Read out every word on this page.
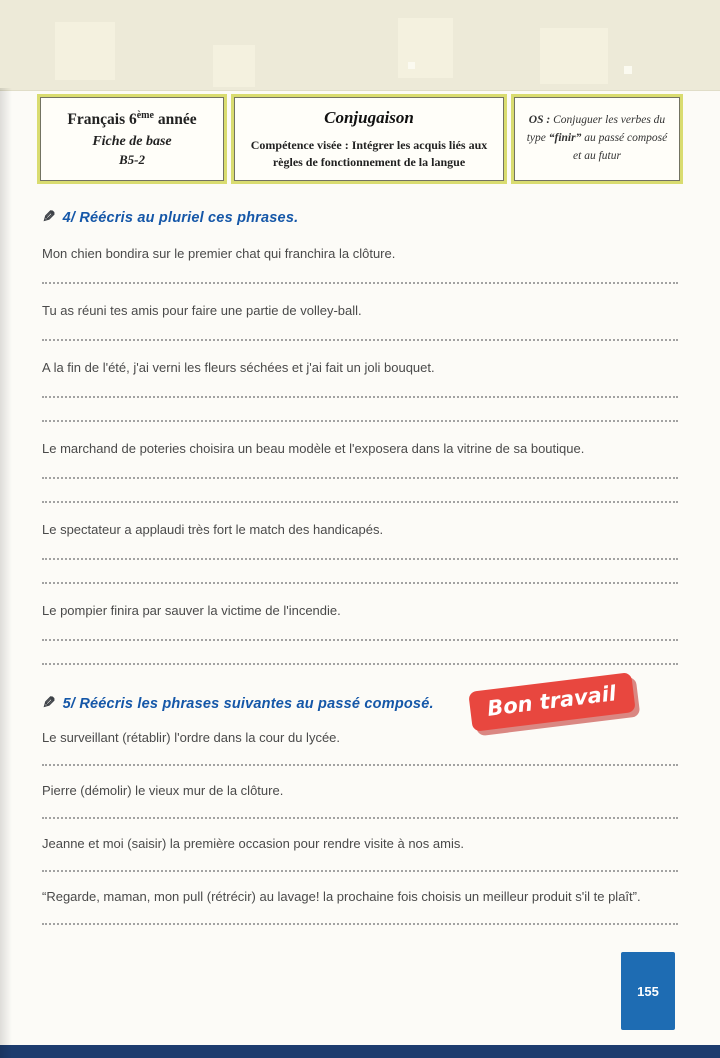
Français 6ème année
Fiche de base
B5-2
Conjugaison
Compétence visée : Intégrer les acquis liés aux règles de fonctionnement de la langue
OS : Conjuguer les verbes du type “finir” au passé composé et au futur
✎ 4/ Réécris au pluriel ces phrases.

Mon chien bondira sur le premier chat qui franchira la clôture.

Tu as réuni tes amis pour faire une partie de volley-ball.

A la fin de l'été, j'ai verni les fleurs séchées et j'ai fait un joli bouquet.

Le marchand de poteries choisira un beau modèle et l'exposera dans la vitrine de sa boutique.

Le spectateur a applaudi très fort le match des handicapés.

Le pompier finira par sauver la victime de l'incendie.

✎ 5/ Réécris les phrases suivantes au passé composé.

Le surveillant (rétablir) l'ordre dans la cour du lycée.

Pierre (démolir) le vieux mur de la clôture.

Jeanne et moi (saisir) la première occasion pour rendre visite à nos amis.

“Regarde, maman, mon pull (rétrécir) au lavage! la prochaine fois choisis un meilleur produit s'il te plaît”.

Bon travail
155
